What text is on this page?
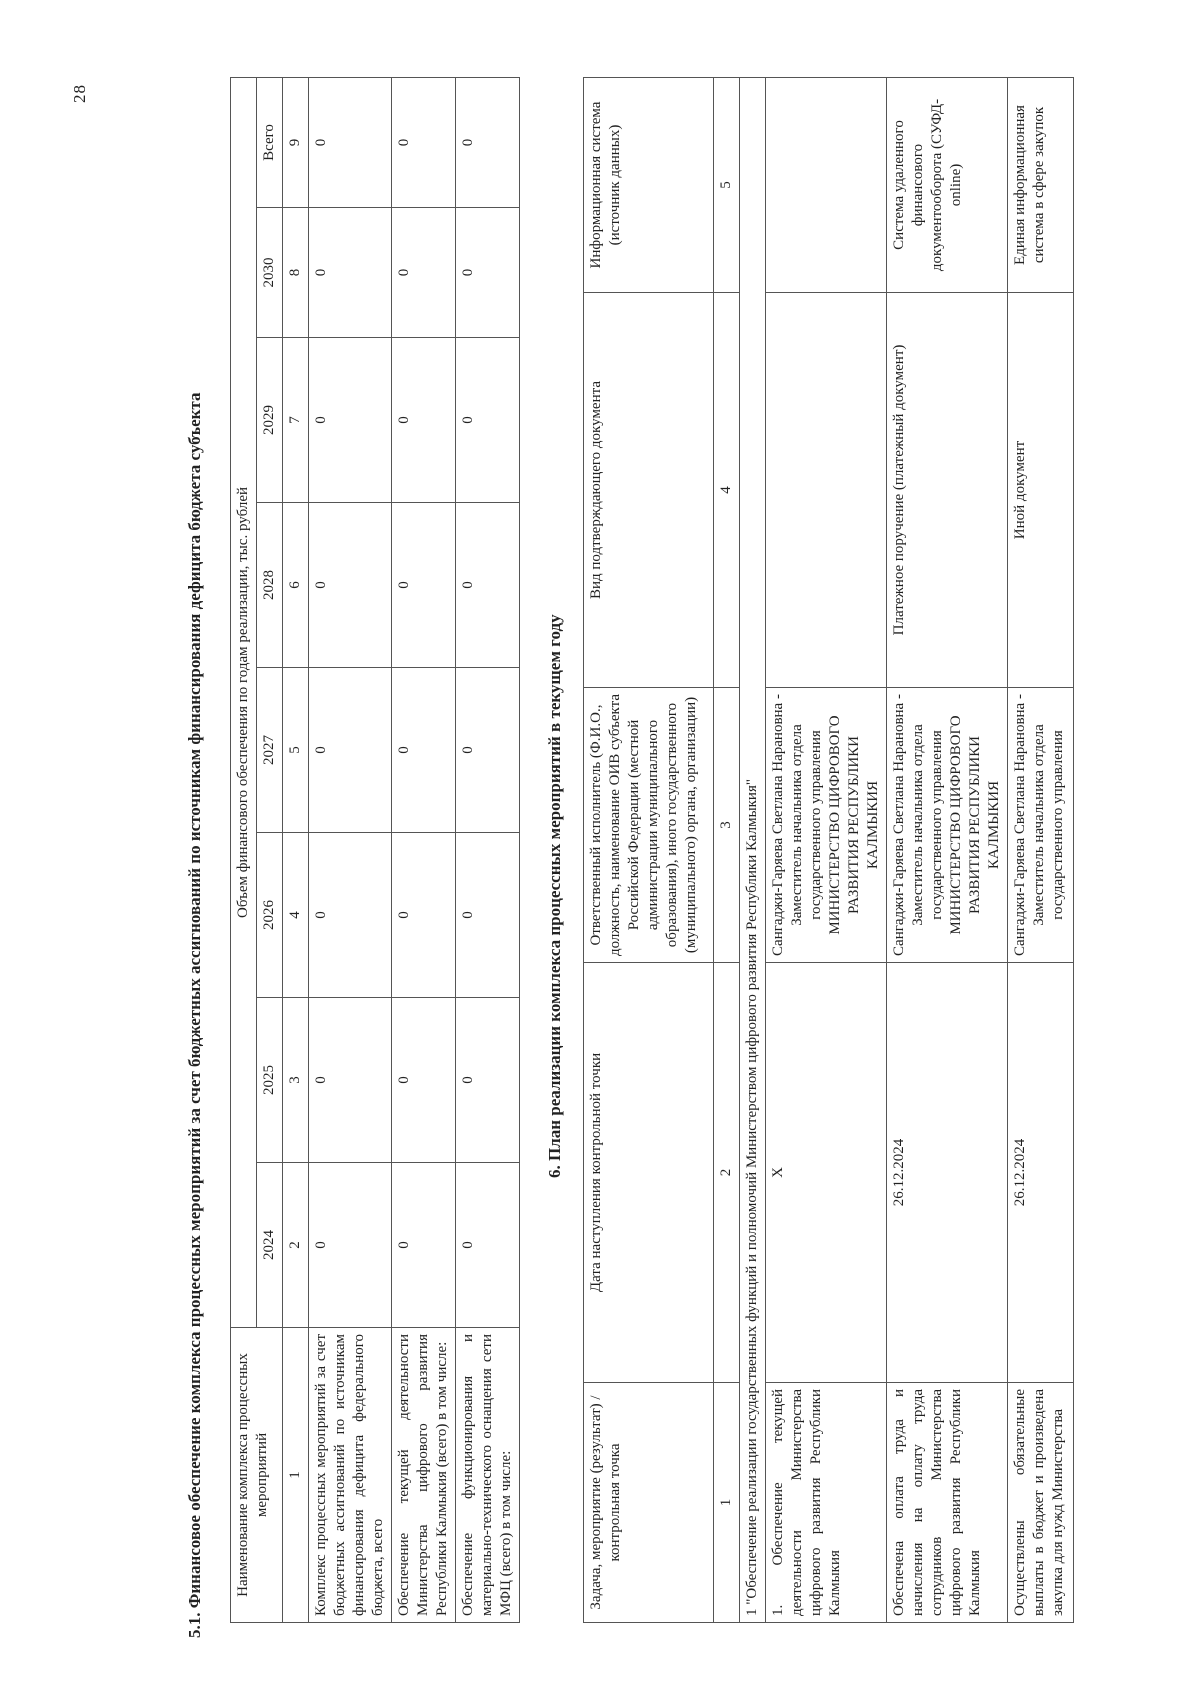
28
5.1. Финансовое обеспечение комплекса процессных мероприятий за счет бюджетных ассигнований по источникам финансирования дефицита бюджета субъекта Наименование комплекса процессных мероприятий	Объем финансового обеспечения по годам реализации, тыс. рублей							
	2024	2025	2026	2027	2028	2029	2030	Всего
1	2	3	4	5	6	7	8	9
Комплекс процессных мероприятий за счет бюджетных ассигнований по источникам финансирования дефицита федерального бюджета, всего	0	0	0	0	0	0	0	0
Обеспечение текущей деятельности Министерства цифрового развития Республики Калмыкия (всего) в том числе:	0	0	0	0	0	0	0	0
Обеспечение функционирования и материально-технического оснащения сети МФЦ (всего) в том числе:	0	0	0	0	0	0	0	0
6. План реализации комплекса процессных мероприятий в текущем году
Задача, мероприятие (результат) / контрольная точка	Дата наступления контрольной точки	Ответственный исполнитель (Ф.И.О., должность, наименование ОИВ субъекта Российской Федерации (местной администрации муниципального образования), иного государственного (муниципального) органа, организации)	Вид подтверждающего документа	Информационная система (источник данных)
1	2	3	4	5
1 "Обеспечение реализации государственных функций и полномочий Министерством цифрового развития Республики Калмыкия"				
1. Обеспечение текущей деятельности Министерства цифрового развития Республики Калмыкия	X	Сангаджи-Гаряева Светлана Нарановна - Заместитель начальника отдела государственного управления МИНИСТЕРСТВО ЦИФРОВОГО РАЗВИТИЯ РЕСПУБЛИКИ КАЛМЫКИЯ		
Обеспечена оплата труда и начисления на оплату труда сотрудников Министерства цифрового развития Республики Калмыкия	26.12.2024	Сангаджи-Гаряева Светлана Нарановна - Заместитель начальника отдела государственного управления МИНИСТЕРСТВО ЦИФРОВОГО РАЗВИТИЯ РЕСПУБЛИКИ КАЛМЫКИЯ	Платежное поручение (платежный документ)	Система удаленного финансового документооборота (СУФД-online)
Осуществлены обязательные выплаты в бюджет и произведена закупка для нужд Министерства	26.12.2024	Сангаджи-Гаряева Светлана Нарановна - Заместитель начальника отдела государственного управления	Иной документ	Единая информационная система в сфере закупок
